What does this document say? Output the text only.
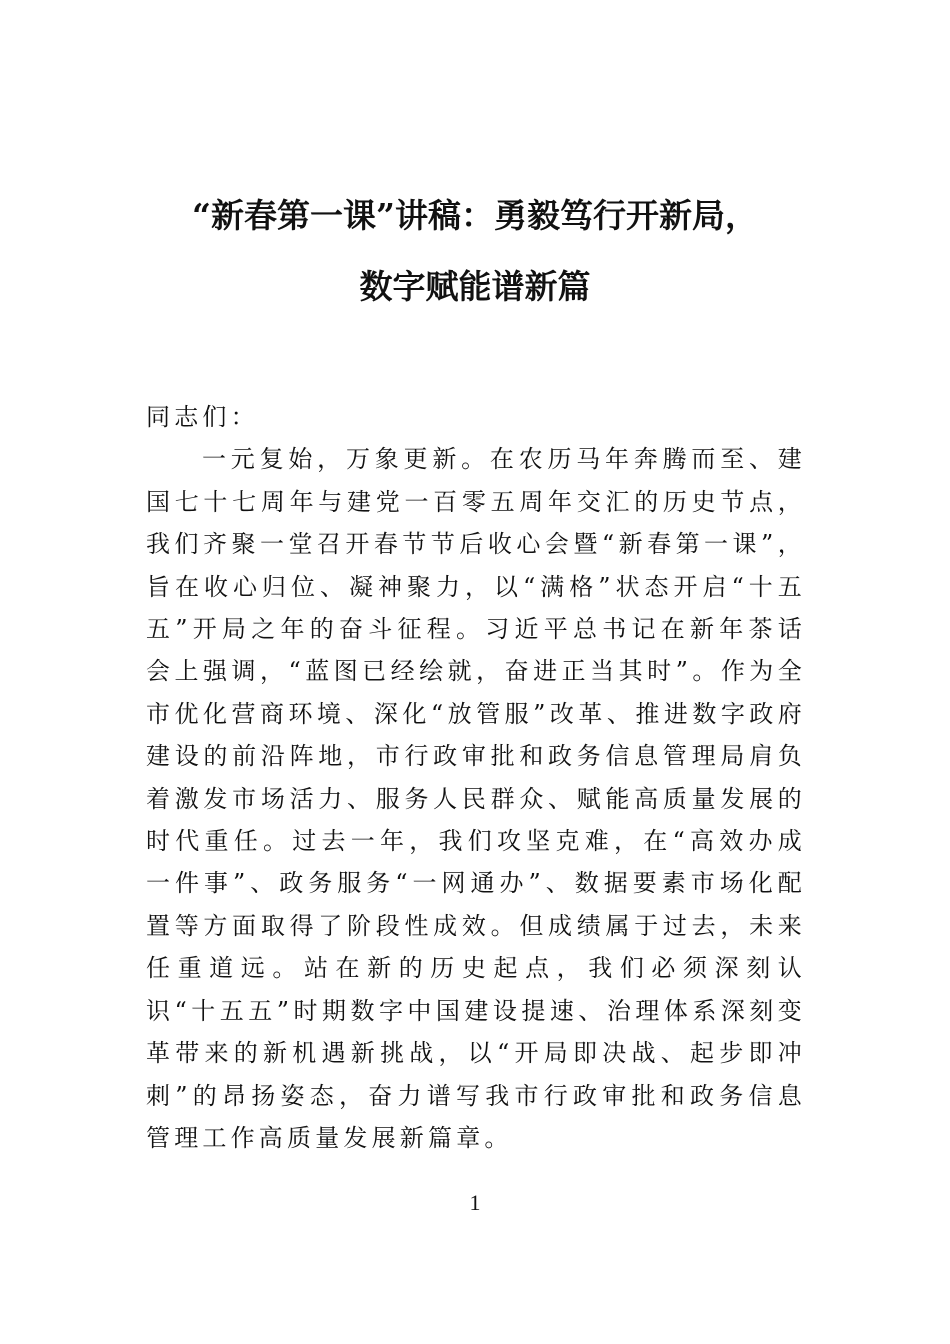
“新春第一课”讲稿：勇毅笃行开新局，
数字赋能谱新篇

同志们：

一元复始，万象更新。在农历马年奔腾而至、建国七十七周年与建党一百零五周年交汇的历史节点，我们齐聚一堂召开春节节后收心会暨“新春第一课”，旨在收心归位、凝神聚力，以“满格”状态开启“十五五”开局之年的奋斗征程。习近平总书记在新年茶话会上强调，“蓝图已经绘就，奋进正当其时”。作为全市优化营商环境、深化“放管服”改革、推进数字政府建设的前沿阵地，市行政审批和政务信息管理局肩负着激发市场活力、服务人民群众、赋能高质量发展的时代重任。过去一年，我们攻坚克难，在“高效办成一件事”、政务服务“一网通办”、数据要素市场化配置等方面取得了阶段性成效。但成绩属于过去，未来任重道远。站在新的历史起点，我们必须深刻认识“十五五”时期数字中国建设提速、治理体系深刻变革带来的新机遇新挑战，以“开局即决战、起步即冲刺”的昂扬姿态，奋力谱写我市行政审批和政务信息管理工作高质量发展新篇章。

1
